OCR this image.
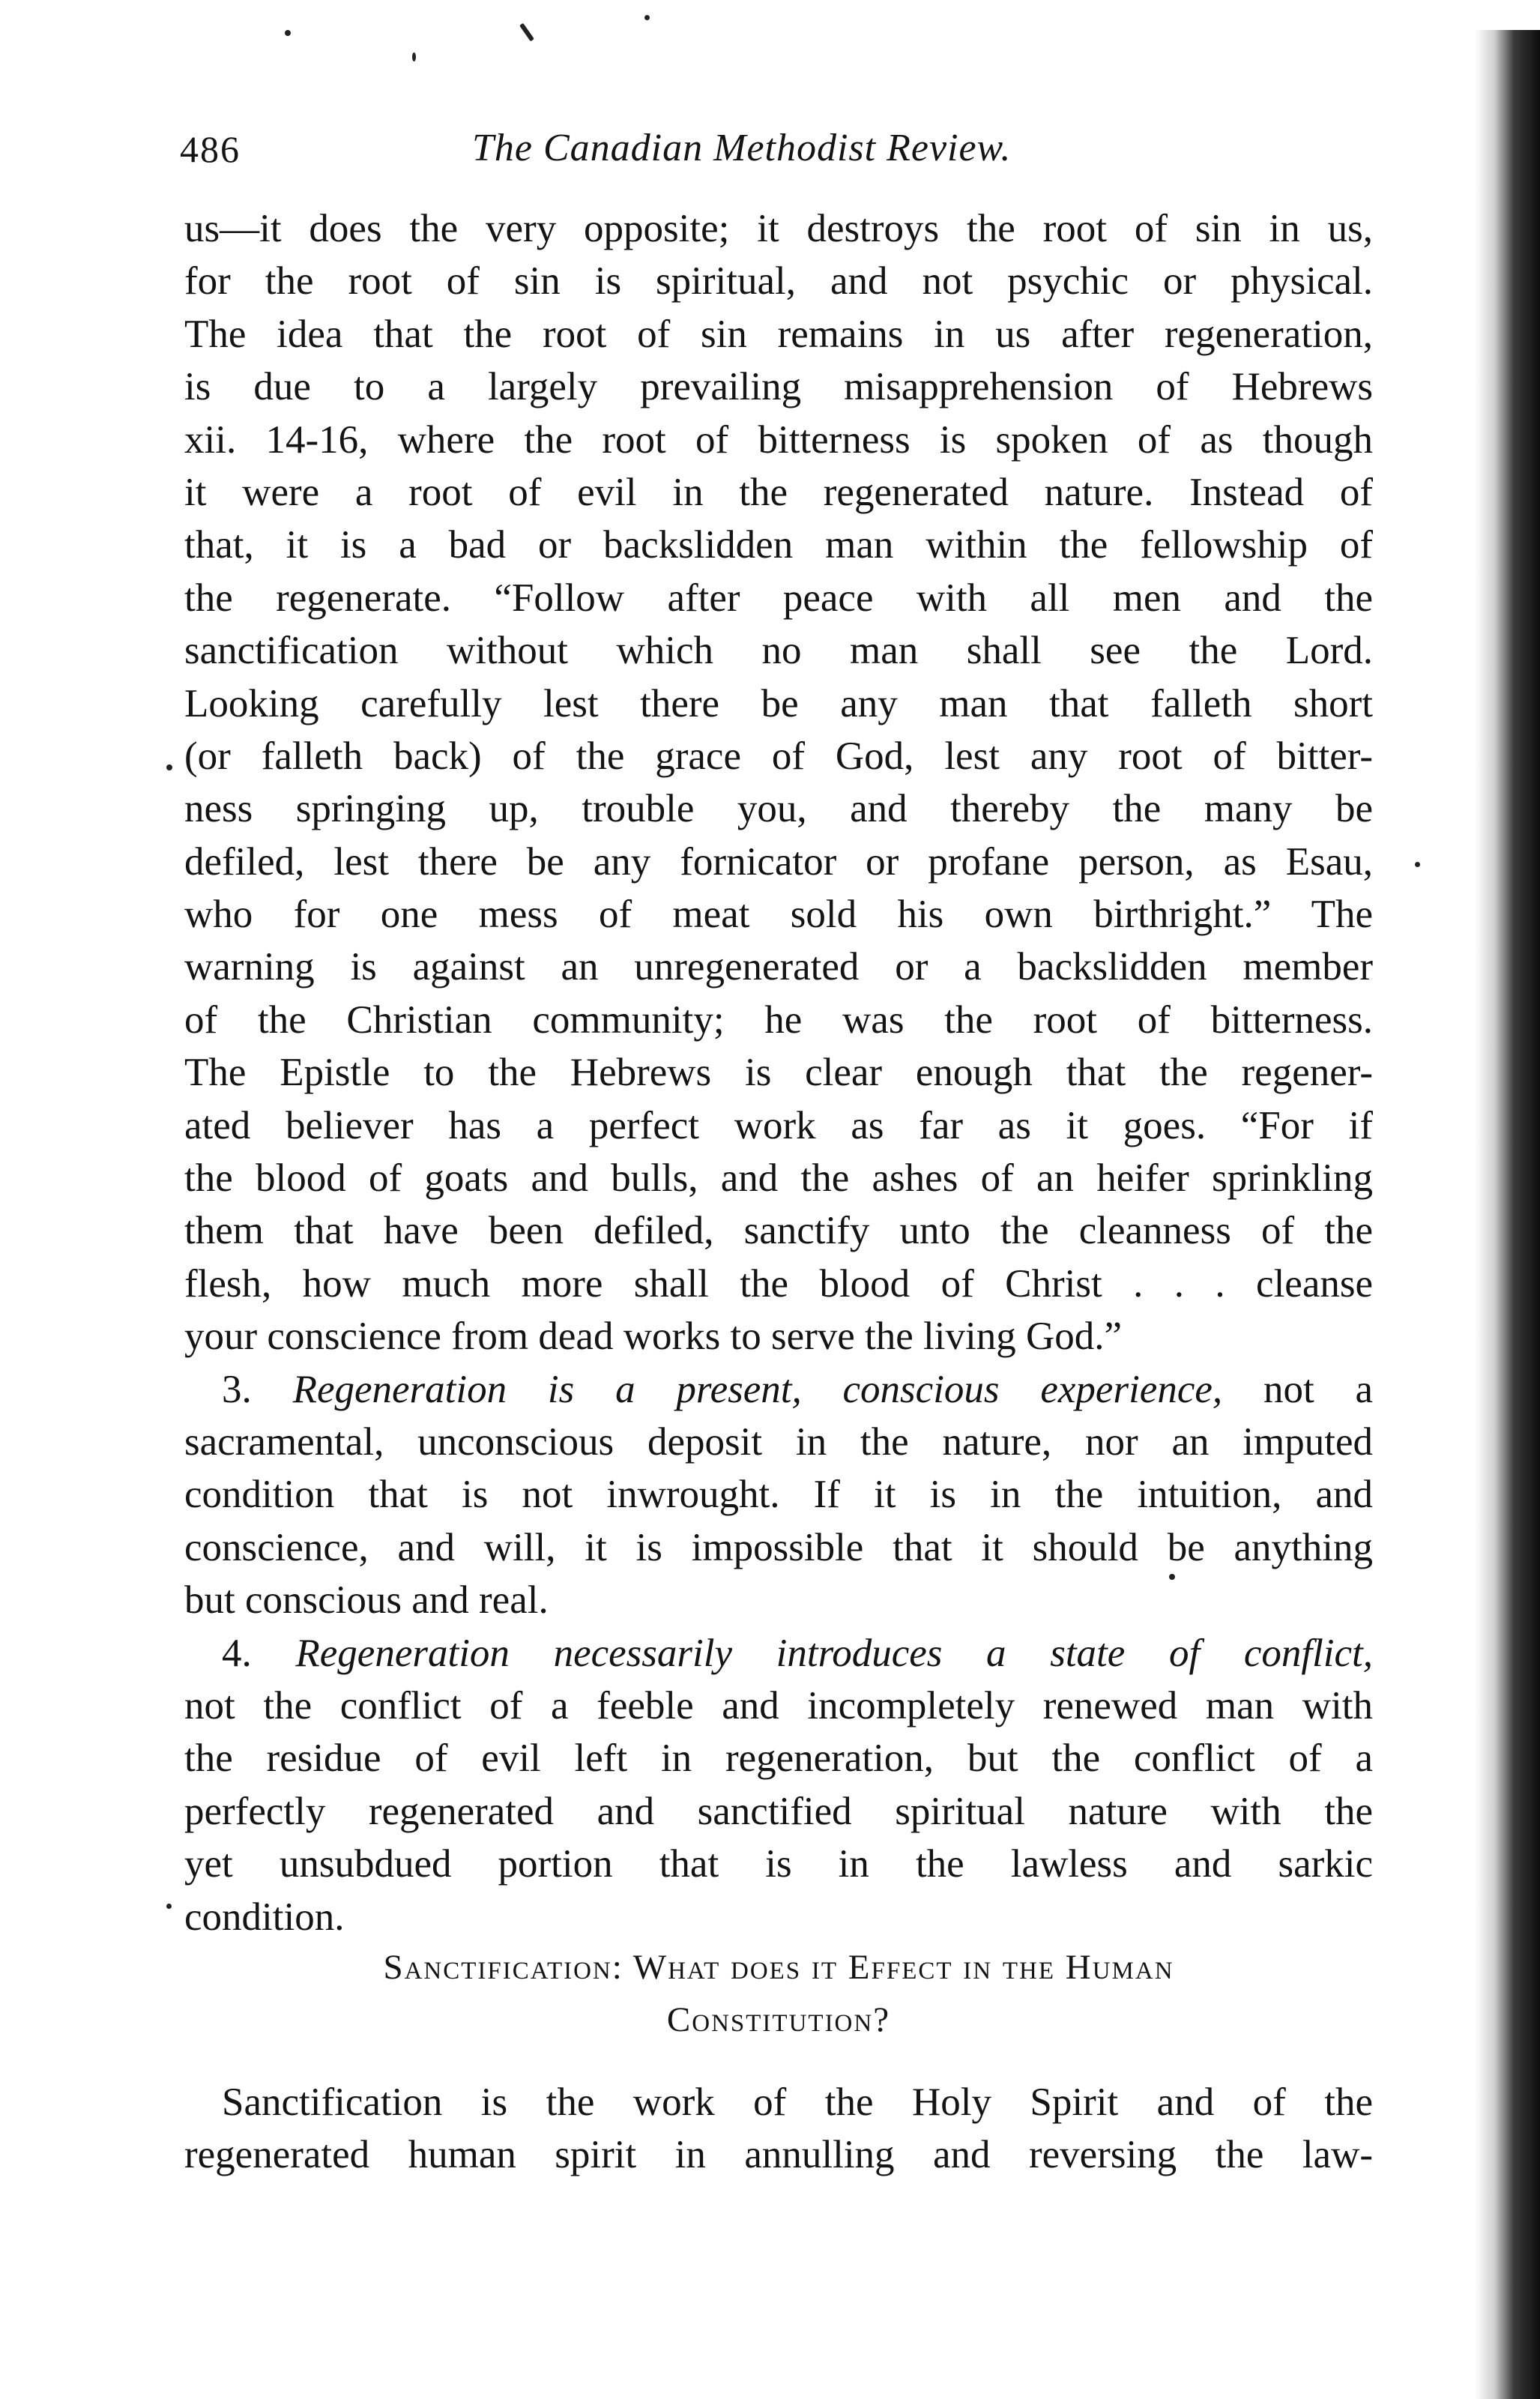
486	The Canadian Methodist Review.
us—it does the very opposite; it destroys the root of sin in us,
for the root of sin is spiritual, and not psychic or physical.
The idea that the root of sin remains in us after regeneration,
is due to a largely prevailing misapprehension of Hebrews
xii. 14-16, where the root of bitterness is spoken of as though
it were a root of evil in the regenerated nature. Instead of
that, it is a bad or backslidden man within the fellowship of
the regenerate. “Follow after peace with all men and the
sanctification without which no man shall see the Lord.
Looking carefully lest there be any man that falleth short
(or falleth back) of the grace of God, lest any root of bitter-
ness springing up, trouble you, and thereby the many be
defiled, lest there be any fornicator or profane person, as Esau,
who for one mess of meat sold his own birthright.” The
warning is against an unregenerated or a backslidden member
of the Christian community; he was the root of bitterness.
The Epistle to the Hebrews is clear enough that the regener-
ated believer has a perfect work as far as it goes. “For if
the blood of goats and bulls, and the ashes of an heifer sprinkling
them that have been defiled, sanctify unto the cleanness of the
flesh, how much more shall the blood of Christ . . . cleanse
your conscience from dead works to serve the living God.”
3. Regeneration is a present, conscious experience, not a
sacramental, unconscious deposit in the nature, nor an imputed
condition that is not inwrought. If it is in the intuition, and
conscience, and will, it is impossible that it should be anything
but conscious and real.
4. Regeneration necessarily introduces a state of conflict,
not the conflict of a feeble and incompletely renewed man with
the residue of evil left in regeneration, but the conflict of a
perfectly regenerated and sanctified spiritual nature with the
yet unsubdued portion that is in the lawless and sarkic
condition.
Sanctification: What does it Effect in the Human
Constitution?
Sanctification is the work of the Holy Spirit and of the
regenerated human spirit in annulling and reversing the law-
